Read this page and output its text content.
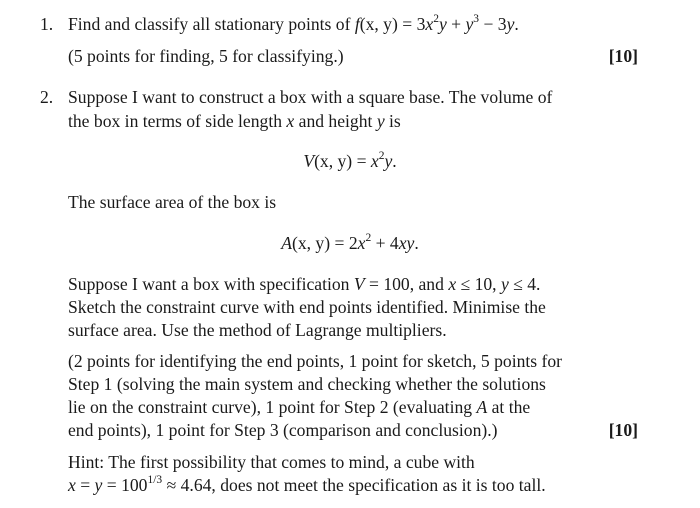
1. Find and classify all stationary points of f(x, $y) = 3x^2y + y^3 - 3y$.
(5 points for finding, 5 for classifying.)	[10]
2. Suppose I want to construct a box with a square base. The volume of
the box in terms of side length x and height y is
V(x, $y) = x^2y$.
The surface area of the box is
A(x, $y) = 2x^2 + 4xy$.
Suppose I want a box with specification V = 100, and x ≤ 10, y ≤ 4.
Sketch the constraint curve with end points identified. Minimise the
surface area. Use the method of Lagrange multipliers.
(2 points for identifying the end points, 1 point for sketch, 5 points for
Step 1 (solving the main system and checking whether the solutions
lie on the constraint curve), 1 point for Step 2 (evaluating A at the
end points), 1 point for Step 3 (comparison and conclusion).)	[10]
Hint: The first possibility that comes to mind, a cube with
$x = y = 100^{1/3} \approx 4.64$, does not meet the specification as it is too tall.
